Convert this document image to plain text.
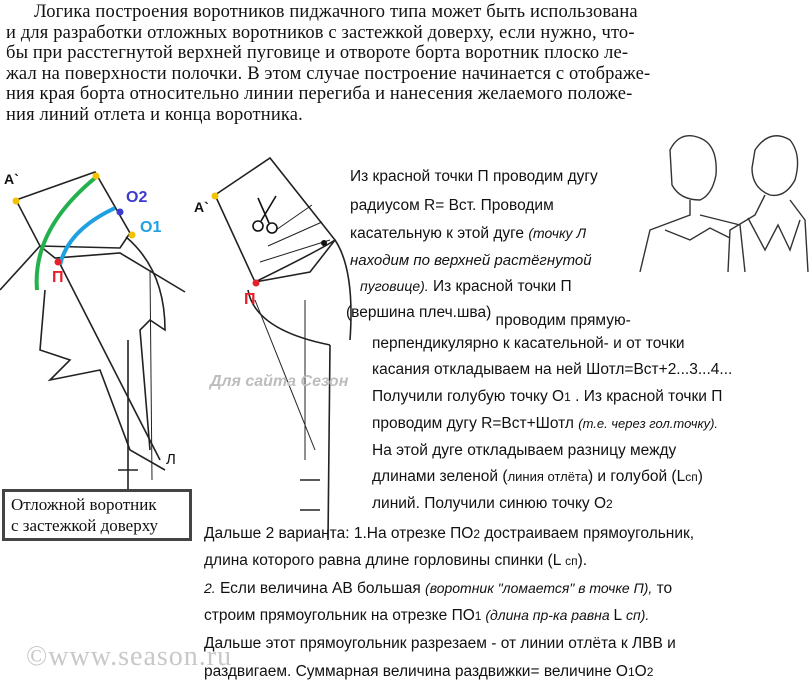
Логика построения воротников пиджачного типа может быть использована
и для разработки отложных воротников с застежкой доверху, если нужно, что-
бы при расстегнутой верхней пуговице и отвороте борта воротник плоско ле-
жал на поверхности полочки. В этом случае построение начинается с отображе-
ния края борта относительно линии перегиба и нанесения желаемого положе-
ния линий отлета и конца воротника.

А`
А`
П
П
О2
О1
Л
Для сайта Сезон
Из красной точки П проводим дугу
радиусом R= Вст. Проводим
касательную к этой дуге (точку Л
находим по верхней растёгнутой
пуговице). Из красной точки П
(вершина плеч.шва) проводим прямую-
перпендикулярно к касательной- и от точки
касания откладываем на ней Шотл=Вст+2...3...4...
Получили голубую точку О1 . Из красной точки П
проводим дугу R=Вст+Шотл (т.е. через гол.точку).
На этой дуге откладываем разницу между
длинами зеленой (линия отлёта) и голубой (Lсп)
линий. Получили синюю точку О2
Дальше 2 варианта: 1.На отрезке ПО2 достраиваем прямоугольник,
длина которого равна длине горловины спинки (L сп).
2. Если величина АВ большая (воротник "ломается" в точке П), то
строим прямоугольник на отрезке ПО1 (длина пр-ка равна L сп).
Дальше этот прямоугольник разрезаем - от линии отлёта к ЛВВ и
раздвигаем. Суммарная величина раздвижки= величине О1О2
Отложной воротник
с застежкой доверху
©www.season.ru
